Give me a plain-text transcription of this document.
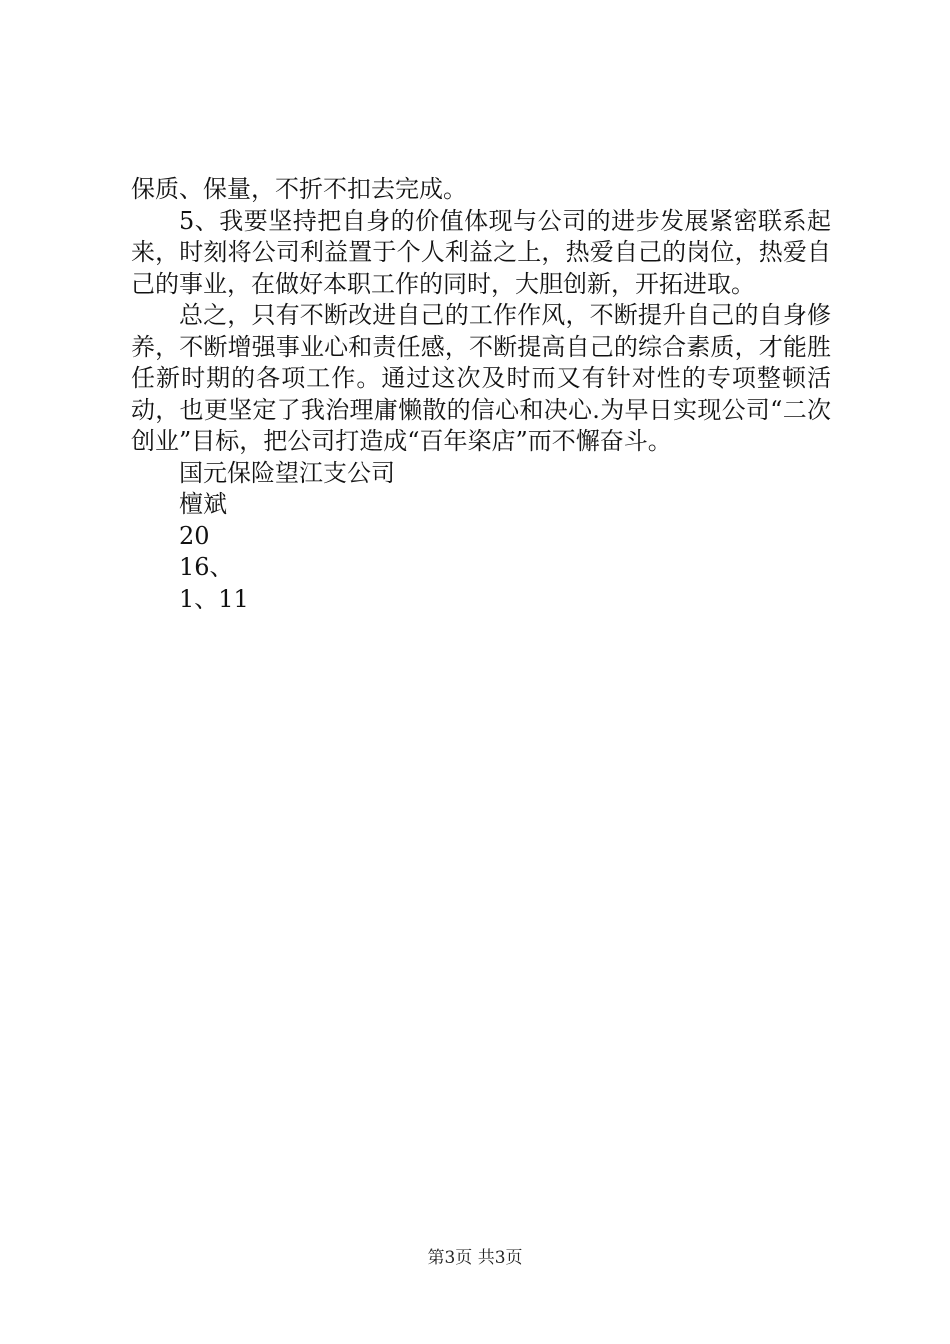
保质、保量，不折不扣去完成。

5、我要坚持把自身的价值体现与公司的进步发展紧密联系起来，时刻将公司利益置于个人利益之上，热爱自己的岗位，热爱自己的事业，在做好本职工作的同时，大胆创新，开拓进取。

总之，只有不断改进自己的工作作风，不断提升自己的自身修养，不断增强事业心和责任感，不断提高自己的综合素质，才能胜任新时期的各项工作。通过这次及时而又有针对性的专项整顿活动，也更坚定了我治理庸懒散的信心和决心.为早日实现公司“二次创业”目标，把公司打造成“百年栥店”而不懈奋斗。

国元保险望江支公司

檀斌

20

16、

1、11

第3页 共3页
